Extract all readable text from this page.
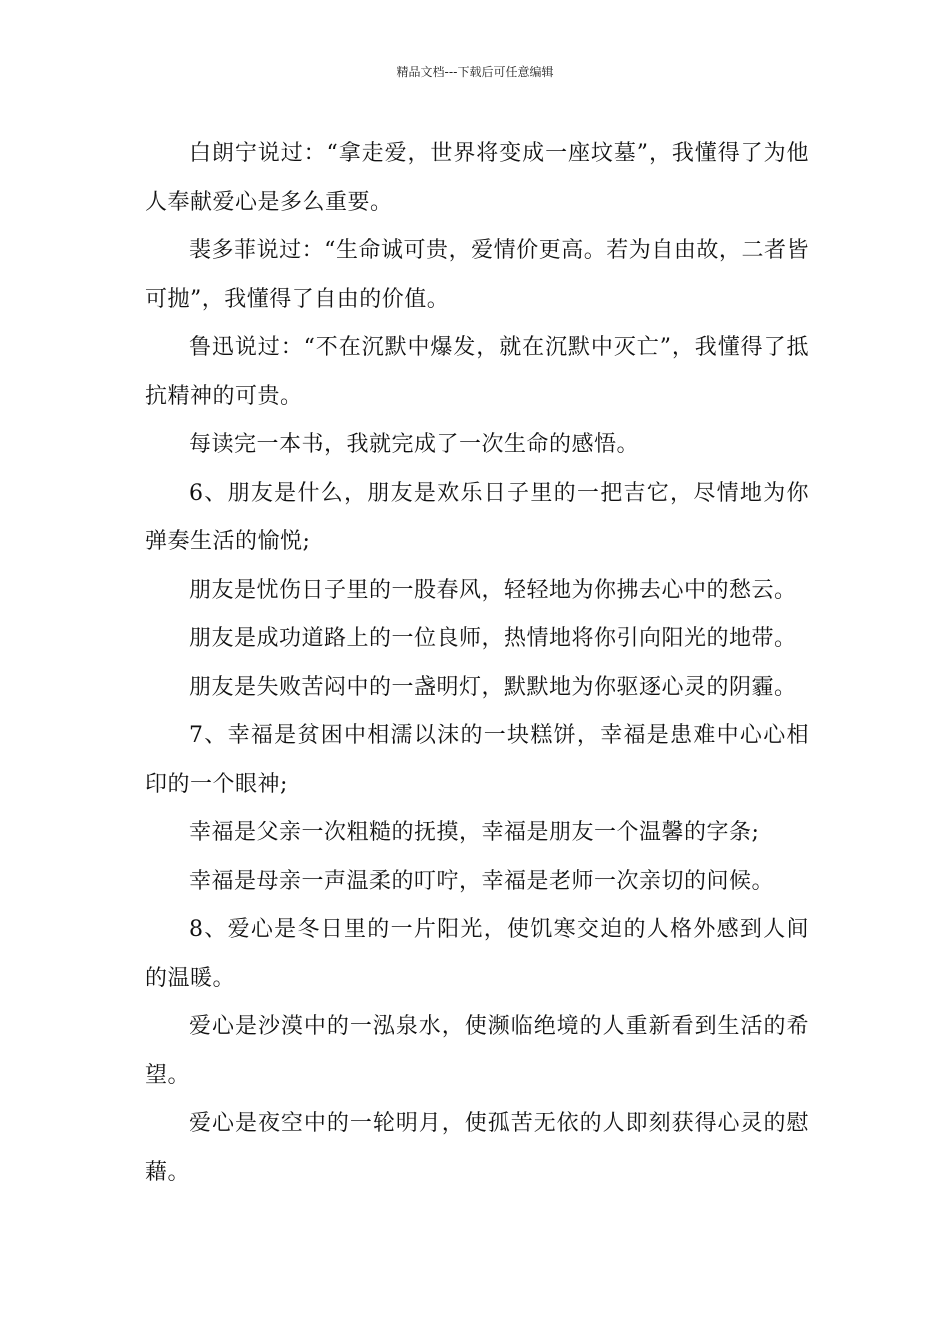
精品文档---下载后可任意编辑

白朗宁说过：“拿走爱，世界将变成一座坟墓”，我懂得了为他人奉献爱心是多么重要。

裴多菲说过：“生命诚可贵，爱情价更高。若为自由故，二者皆可抛”，我懂得了自由的价值。

鲁迅说过：“不在沉默中爆发，就在沉默中灭亡”，我懂得了抵抗精神的可贵。

每读完一本书，我就完成了一次生命的感悟。

6、朋友是什么，朋友是欢乐日子里的一把吉它，尽情地为你弹奏生活的愉悦;

朋友是忧伤日子里的一股春风，轻轻地为你拂去心中的愁云。

朋友是成功道路上的一位良师，热情地将你引向阳光的地带。

朋友是失败苦闷中的一盏明灯，默默地为你驱逐心灵的阴霾。

7、幸福是贫困中相濡以沫的一块糕饼，幸福是患难中心心相印的一个眼神;

幸福是父亲一次粗糙的抚摸，幸福是朋友一个温馨的字条;

幸福是母亲一声温柔的叮咛，幸福是老师一次亲切的问候。

8、爱心是冬日里的一片阳光，使饥寒交迫的人格外感到人间的温暖。

爱心是沙漠中的一泓泉水，使濒临绝境的人重新看到生活的希望。

爱心是夜空中的一轮明月，使孤苦无依的人即刻获得心灵的慰藉。
